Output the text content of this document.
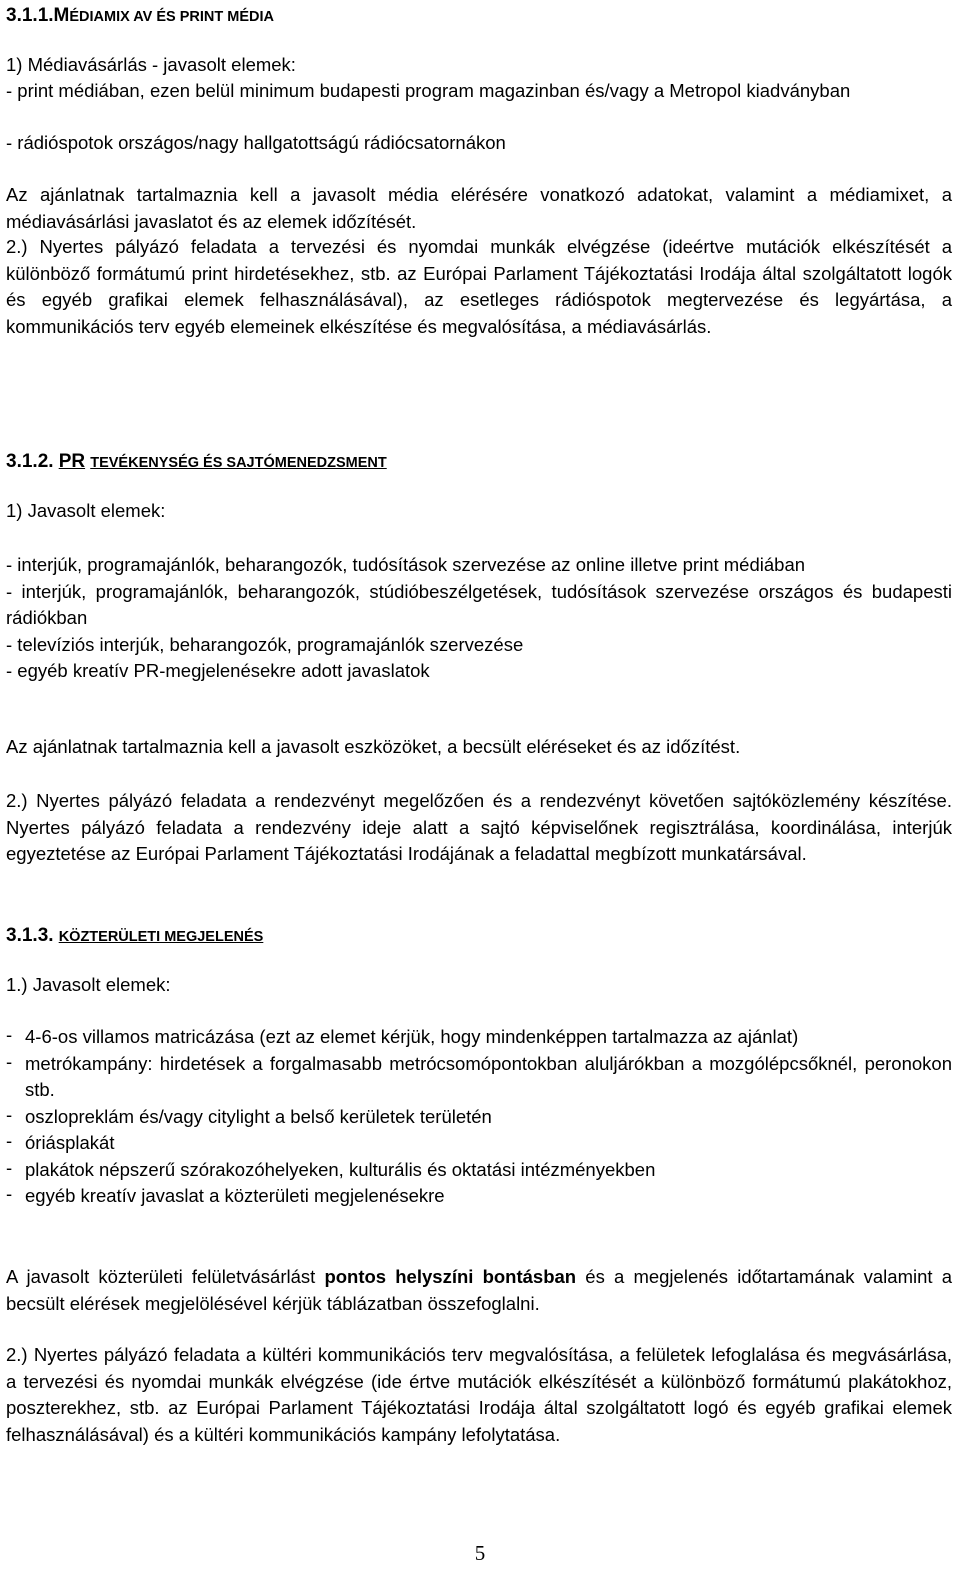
3.1.1.MÉDIAMIX AV ÉS PRINT MÉDIA

1) Médiavásárlás - javasolt elemek:

- print médiában, ezen belül minimum budapesti program magazinban és/vagy a Metropol kiadványban

- rádióspotok országos/nagy hallgatottságú rádiócsatornákon

Az ajánlatnak tartalmaznia kell a javasolt média elérésére vonatkozó adatokat, valamint a médiamixet, a médiavásárlási javaslatot és az elemek időzítését.

2.) Nyertes pályázó feladata a tervezési és nyomdai munkák elvégzése (ideértve mutációk elkészítését a különböző formátumú print hirdetésekhez, stb. az Európai Parlament Tájékoztatási Irodája által szolgáltatott logók és egyéb grafikai elemek felhasználásával), az esetleges rádióspotok megtervezése és legyártása, a kommunikációs terv egyéb elemeinek elkészítése és megvalósítása, a médiavásárlás.

3.1.2. PR TEVÉKENYSÉG ÉS SAJTÓMENEDZSMENT

1) Javasolt elemek:

- interjúk, programajánlók, beharangozók, tudósítások szervezése az online illetve print médiában

- interjúk, programajánlók, beharangozók, stúdióbeszélgetések, tudósítások szervezése országos és budapesti rádiókban

- televíziós interjúk, beharangozók, programajánlók szervezése

- egyéb kreatív PR-megjelenésekre adott javaslatok

Az ajánlatnak tartalmaznia kell a javasolt eszközöket, a becsült eléréseket és az időzítést.

2.) Nyertes pályázó feladata a rendezvényt megelőzően és a rendezvényt követően sajtóközlemény készítése. Nyertes pályázó feladata a rendezvény ideje alatt a sajtó képviselőnek regisztrálása, koordinálása, interjúk egyeztetése az Európai Parlament Tájékoztatási Irodájának a feladattal megbízott munkatársával.

3.1.3. KÖZTERÜLETI MEGJELENÉS

1.) Javasolt elemek:

- 4-6-os villamos matricázása (ezt az elemet kérjük, hogy mindenképpen tartalmazza az ajánlat)

- metrókampány: hirdetések a forgalmasabb metrócsomópontokban aluljárókban a mozgólépcsőknél, peronokon stb.

- oszlopreklám és/vagy citylight a belső kerületek területén

- óriásplakát

- plakátok népszerű szórakozóhelyeken, kulturális és oktatási intézményekben

- egyéb kreatív javaslat a közterületi megjelenésekre

A javasolt közterületi felületvásárlást pontos helyszíni bontásban és a megjelenés időtartamának valamint a becsült elérések megjelölésével kérjük táblázatban összefoglalni.

2.) Nyertes pályázó feladata a kültéri kommunikációs terv megvalósítása, a felületek lefoglalása és megvásárlása, a tervezési és nyomdai munkák elvégzése (ide értve mutációk elkészítését a különböző formátumú plakátokhoz, poszterekhez, stb. az Európai Parlament Tájékoztatási Irodája által szolgáltatott logó és egyéb grafikai elemek felhasználásával) és a kültéri kommunikációs kampány lefolytatása.

5
